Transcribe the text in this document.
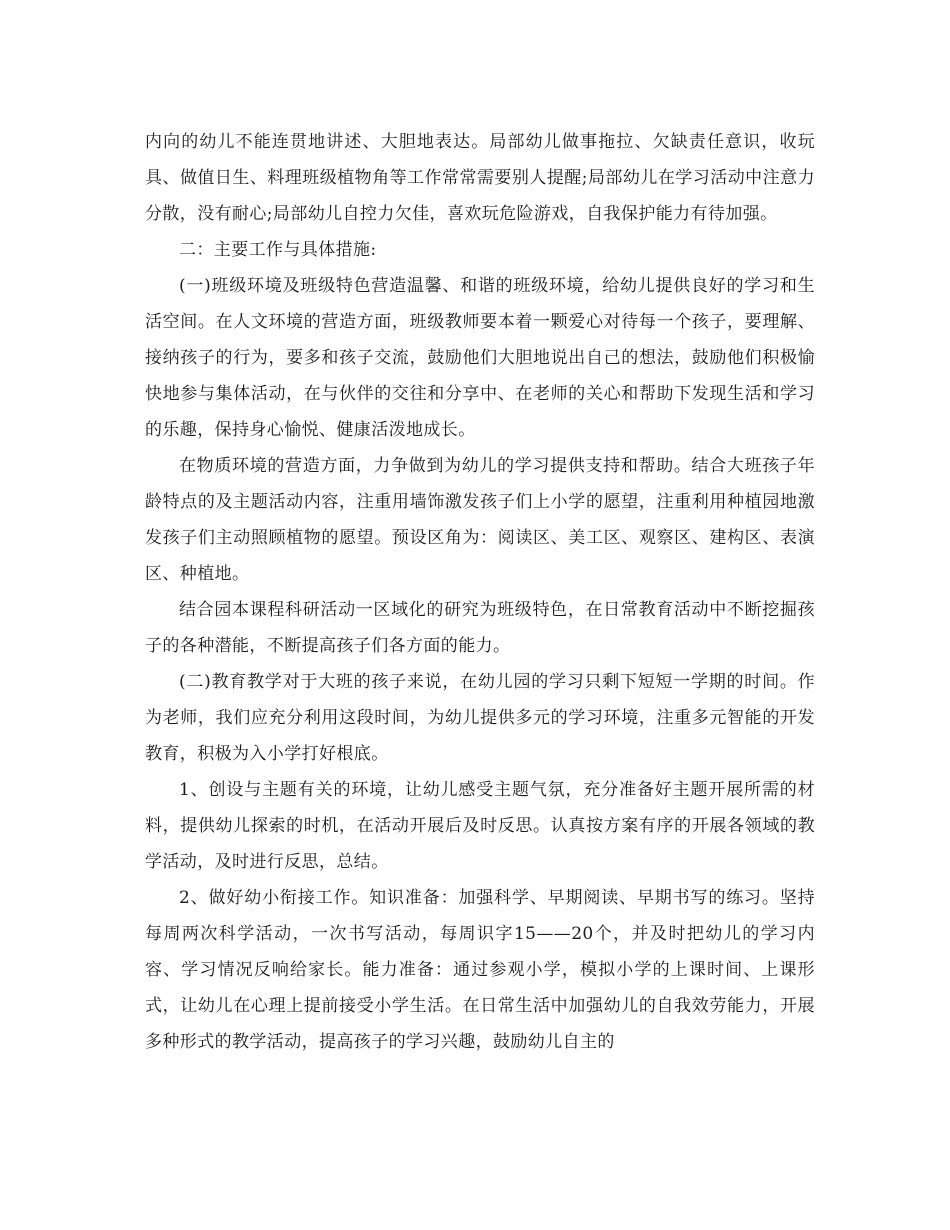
内向的幼儿不能连贯地讲述、大胆地表达。局部幼儿做事拖拉、欠缺责任意识，收玩具、做值日生、料理班级植物角等工作常常需要别人提醒;局部幼儿在学习活动中注意力分散，没有耐心;局部幼儿自控力欠佳，喜欢玩危险游戏，自我保护能力有待加强。

二：主要工作与具体措施:

(一)班级环境及班级特色营造温馨、和谐的班级环境，给幼儿提供良好的学习和生活空间。在人文环境的营造方面，班级教师要本着一颗爱心对待每一个孩子，要理解、接纳孩子的行为，要多和孩子交流，鼓励他们大胆地说出自己的想法，鼓励他们积极愉快地参与集体活动，在与伙伴的交往和分享中、在老师的关心和帮助下发现生活和学习的乐趣，保持身心愉悦、健康活泼地成长。

在物质环境的营造方面，力争做到为幼儿的学习提供支持和帮助。结合大班孩子年龄特点的及主题活动内容，注重用墙饰激发孩子们上小学的愿望，注重利用种植园地激发孩子们主动照顾植物的愿望。预设区角为：阅读区、美工区、观察区、建构区、表演区、种植地。

结合园本课程科研活动一区域化的研究为班级特色，在日常教育活动中不断挖掘孩子的各种潜能，不断提高孩子们各方面的能力。

(二)教育教学对于大班的孩子来说，在幼儿园的学习只剩下短短一学期的时间。作为老师，我们应充分利用这段时间，为幼儿提供多元的学习环境，注重多元智能的开发教育，积极为入小学打好根底。

1、创设与主题有关的环境，让幼儿感受主题气氛，充分准备好主题开展所需的材料，提供幼儿探索的时机，在活动开展后及时反思。认真按方案有序的开展各领域的教学活动，及时进行反思，总结。

2、做好幼小衔接工作。知识准备：加强科学、早期阅读、早期书写的练习。坚持每周两次科学活动，一次书写活动，每周识字15——20个，并及时把幼儿的学习内容、学习情况反响给家长。能力准备：通过参观小学，模拟小学的上课时间、上课形式，让幼儿在心理上提前接受小学生活。在日常生活中加强幼儿的自我效劳能力，开展多种形式的教学活动，提高孩子的学习兴趣，鼓励幼儿自主的
